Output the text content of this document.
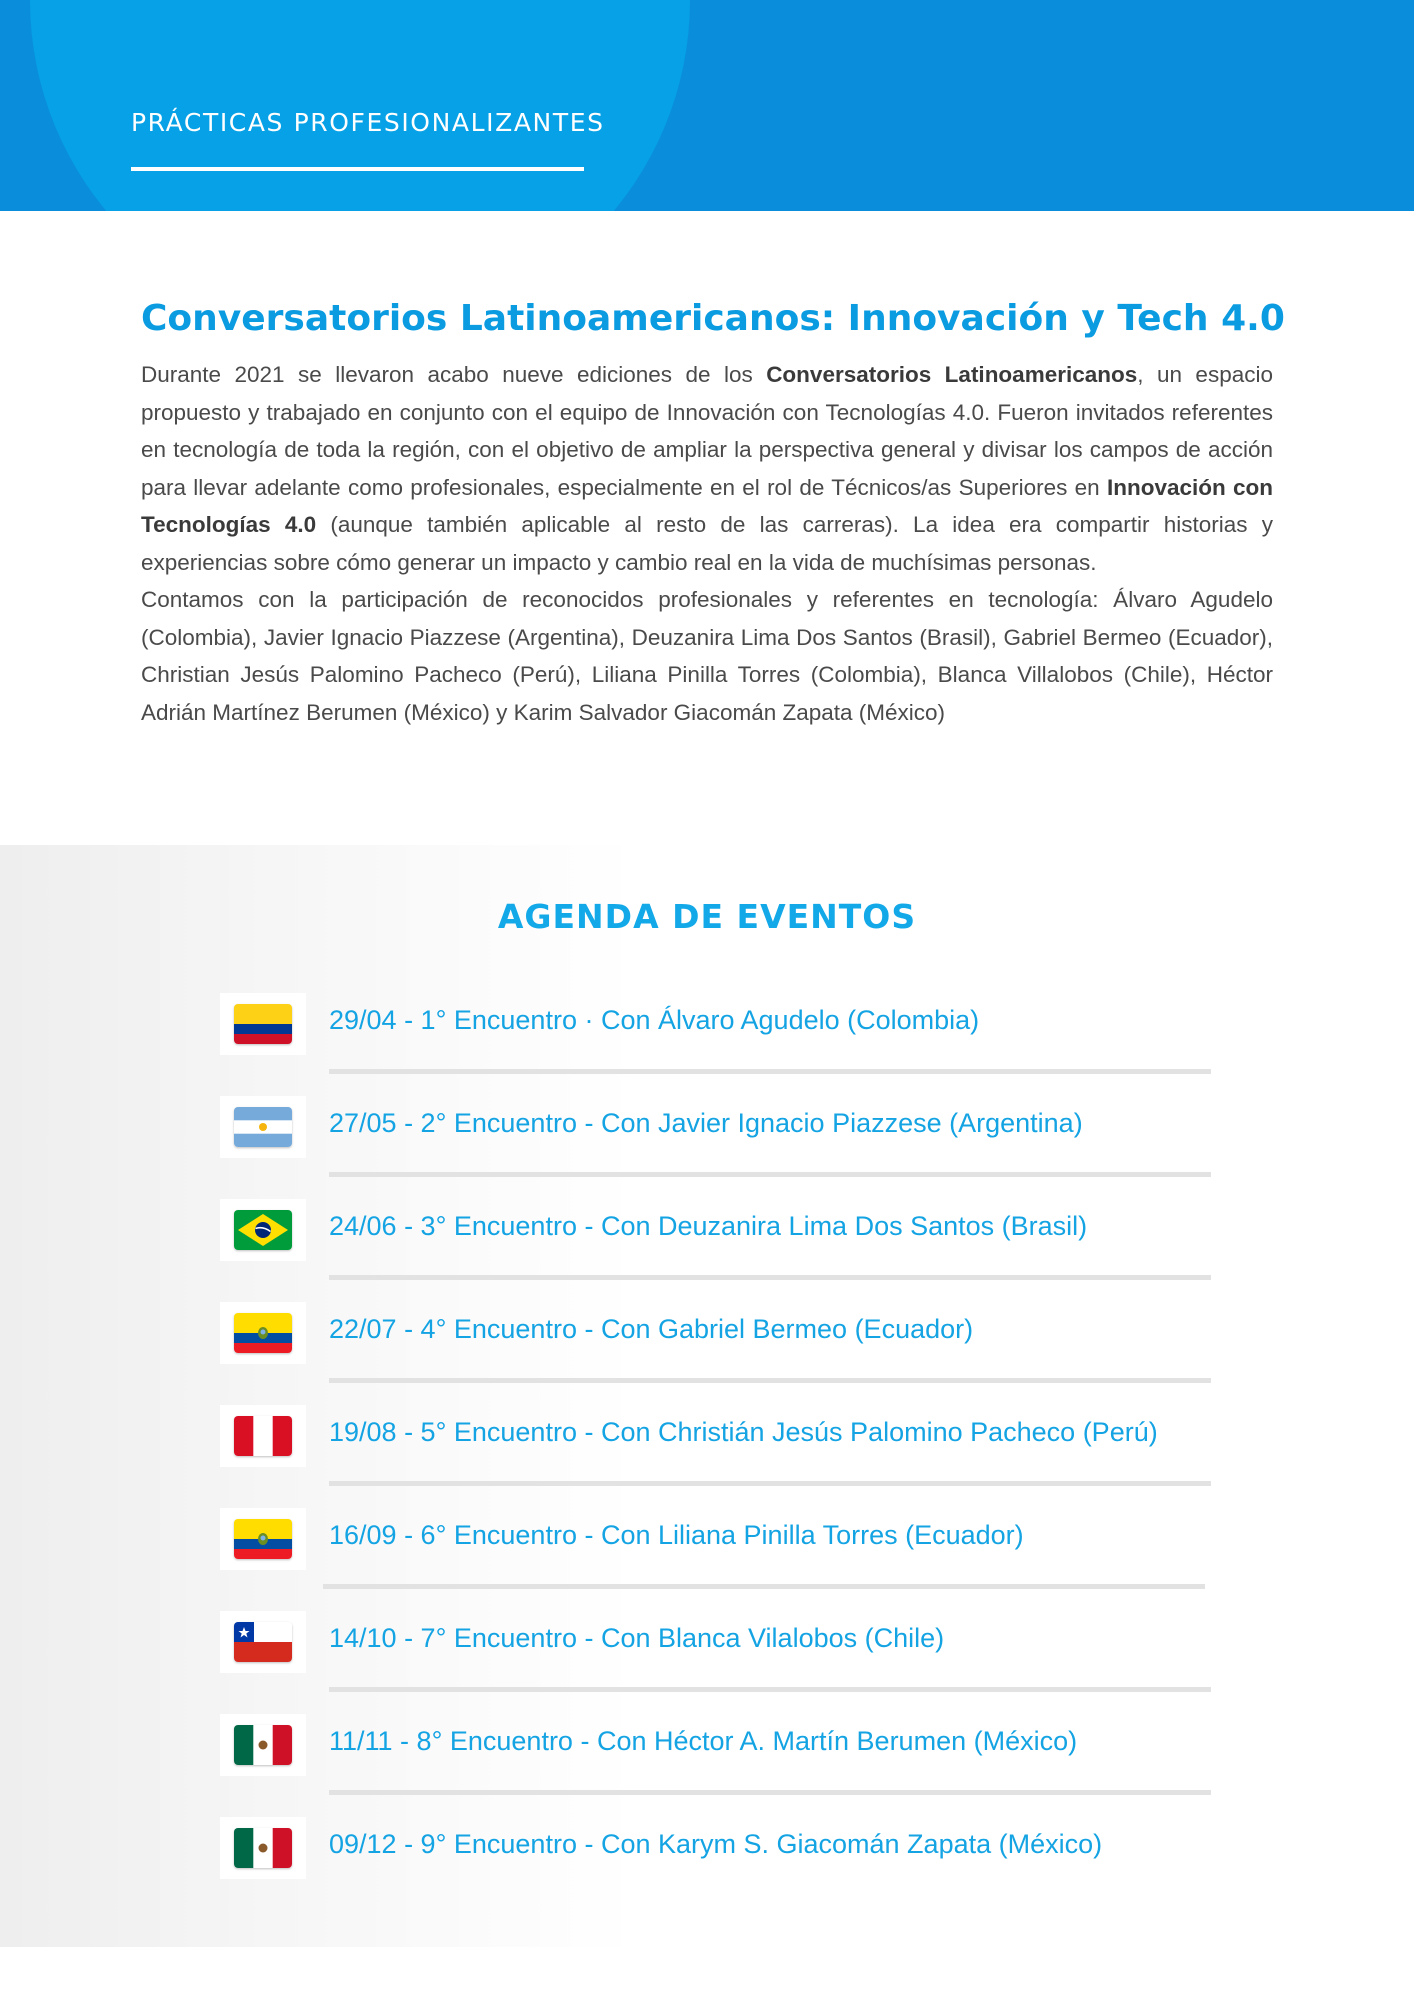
PRÁCTICAS PROFESIONALIZANTES
Conversatorios Latinoamericanos: Innovación y Tech 4.0

Durante 2021 se llevaron acabo nueve ediciones de los Conversatorios Latinoamericanos, un espacio propuesto y trabajado en conjunto con el equipo de Innovación con Tecnologías 4.0. Fueron invitados referentes en tecnología de toda la región, con el objetivo de ampliar la perspectiva general y divisar los campos de acción para llevar adelante como profesionales, especialmente en el rol de Técnicos/as Superiores en Innovación con Tecnologías 4.0 (aunque también aplicable al resto de las carreras). La idea era compartir historias y experiencias sobre cómo generar un impacto y cambio real en la vida de muchísimas personas.

Contamos con la participación de reconocidos profesionales y referentes en tecnología: Álvaro Agudelo (Colombia), Javier Ignacio Piazzese (Argentina), Deuzanira Lima Dos Santos (Brasil), Gabriel Bermeo (Ecuador), Christian Jesús Palomino Pacheco (Perú), Liliana Pinilla Torres (Colombia), Blanca Villalobos (Chile), Héctor Adrián Martínez Berumen (México) y Karim Salvador Giacomán Zapata (México)

AGENDA DE EVENTOS
29/04 - 1° Encuentro · Con Álvaro Agudelo (Colombia)
27/05 - 2° Encuentro - Con Javier Ignacio Piazzese (Argentina)
24/06 - 3° Encuentro - Con Deuzanira Lima Dos Santos (Brasil)
22/07 - 4° Encuentro - Con Gabriel Bermeo (Ecuador)
19/08 - 5° Encuentro - Con Christián Jesús Palomino Pacheco (Perú)
16/09 - 6° Encuentro - Con Liliana Pinilla Torres (Ecuador)
14/10 - 7° Encuentro - Con Blanca Vilalobos (Chile)
11/11 - 8° Encuentro - Con Héctor A. Martín Berumen (México)
09/12 - 9° Encuentro - Con Karym S. Giacomán Zapata (México)
